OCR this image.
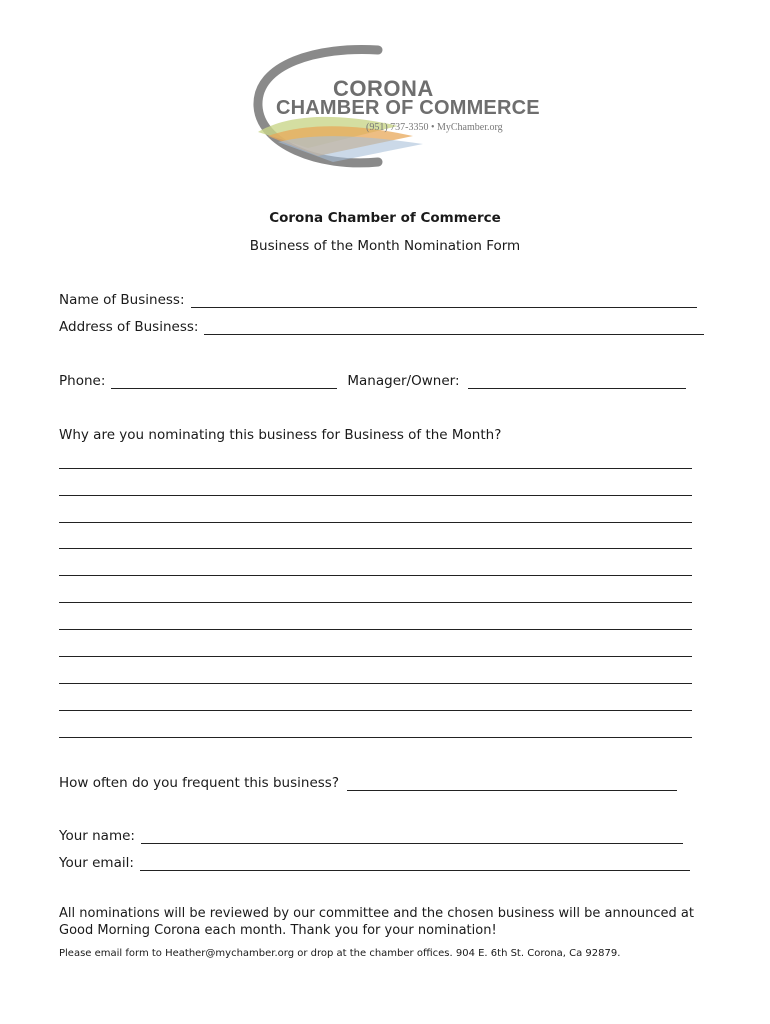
CORONA
CHAMBER OF COMMERCE
(951) 737-3350 • MyChamber.org
Corona Chamber of Commerce
Business of the Month Nomination Form
Name of Business:
Address of Business:
Phone:	Manager/Owner:
Why are you nominating this business for Business of the Month?
How often do you frequent this business?
Your name:
Your email:
All nominations will be reviewed by our committee and the chosen business will be announced at Good Morning Corona each month. Thank you for your nomination!
Please email form to Heather@mychamber.org or drop at the chamber offices. 904 E. 6th St. Corona, Ca 92879.
